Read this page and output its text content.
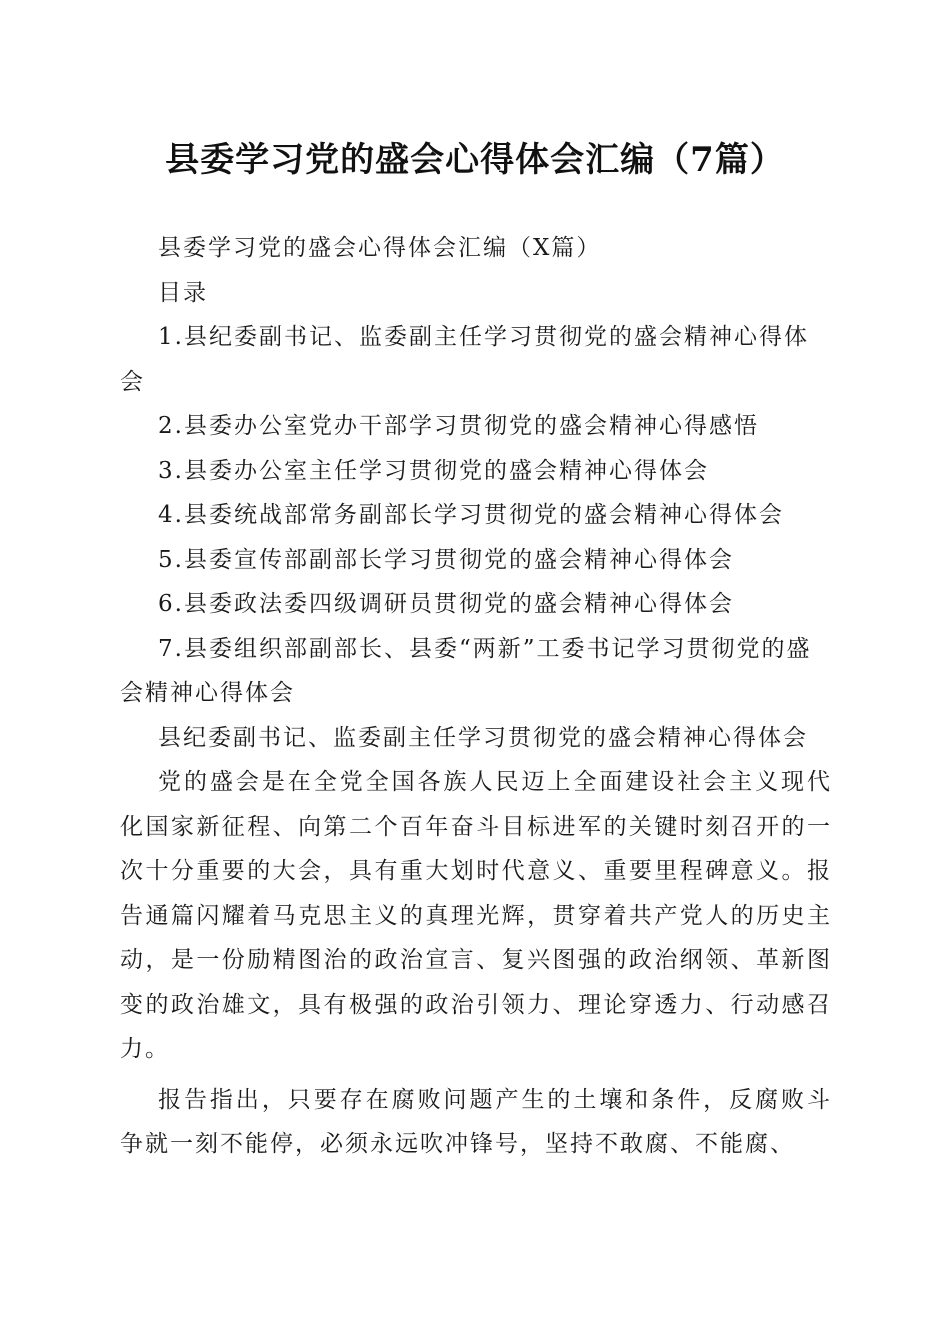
县委学习党的盛会心得体会汇编（7篇）

县委学习党的盛会心得体会汇编（X篇）

目录

1.县纪委副书记、监委副主任学习贯彻党的盛会精神心得体会
2.县委办公室党办干部学习贯彻党的盛会精神心得感悟
3.县委办公室主任学习贯彻党的盛会精神心得体会
4.县委统战部常务副部长学习贯彻党的盛会精神心得体会
5.县委宣传部副部长学习贯彻党的盛会精神心得体会
6.县委政法委四级调研员贯彻党的盛会精神心得体会
7.县委组织部副部长、县委“两新”工委书记学习贯彻党的盛会精神心得体会

县纪委副书记、监委副主任学习贯彻党的盛会精神心得体会

党的盛会是在全党全国各族人民迈上全面建设社会主义现代化国家新征程、向第二个百年奋斗目标进军的关键时刻召开的一次十分重要的大会，具有重大划时代意义、重要里程碑意义。报告通篇闪耀着马克思主义的真理光辉，贯穿着共产党人的历史主动，是一份励精图治的政治宣言、复兴图强的政治纲领、革新图变的政治雄文，具有极强的政治引领力、理论穿透力、行动感召力。

报告指出，只要存在腐败问题产生的土壤和条件，反腐败斗争就一刻不能停，必须永远吹冲锋号，坚持不敢腐、不能腐、
